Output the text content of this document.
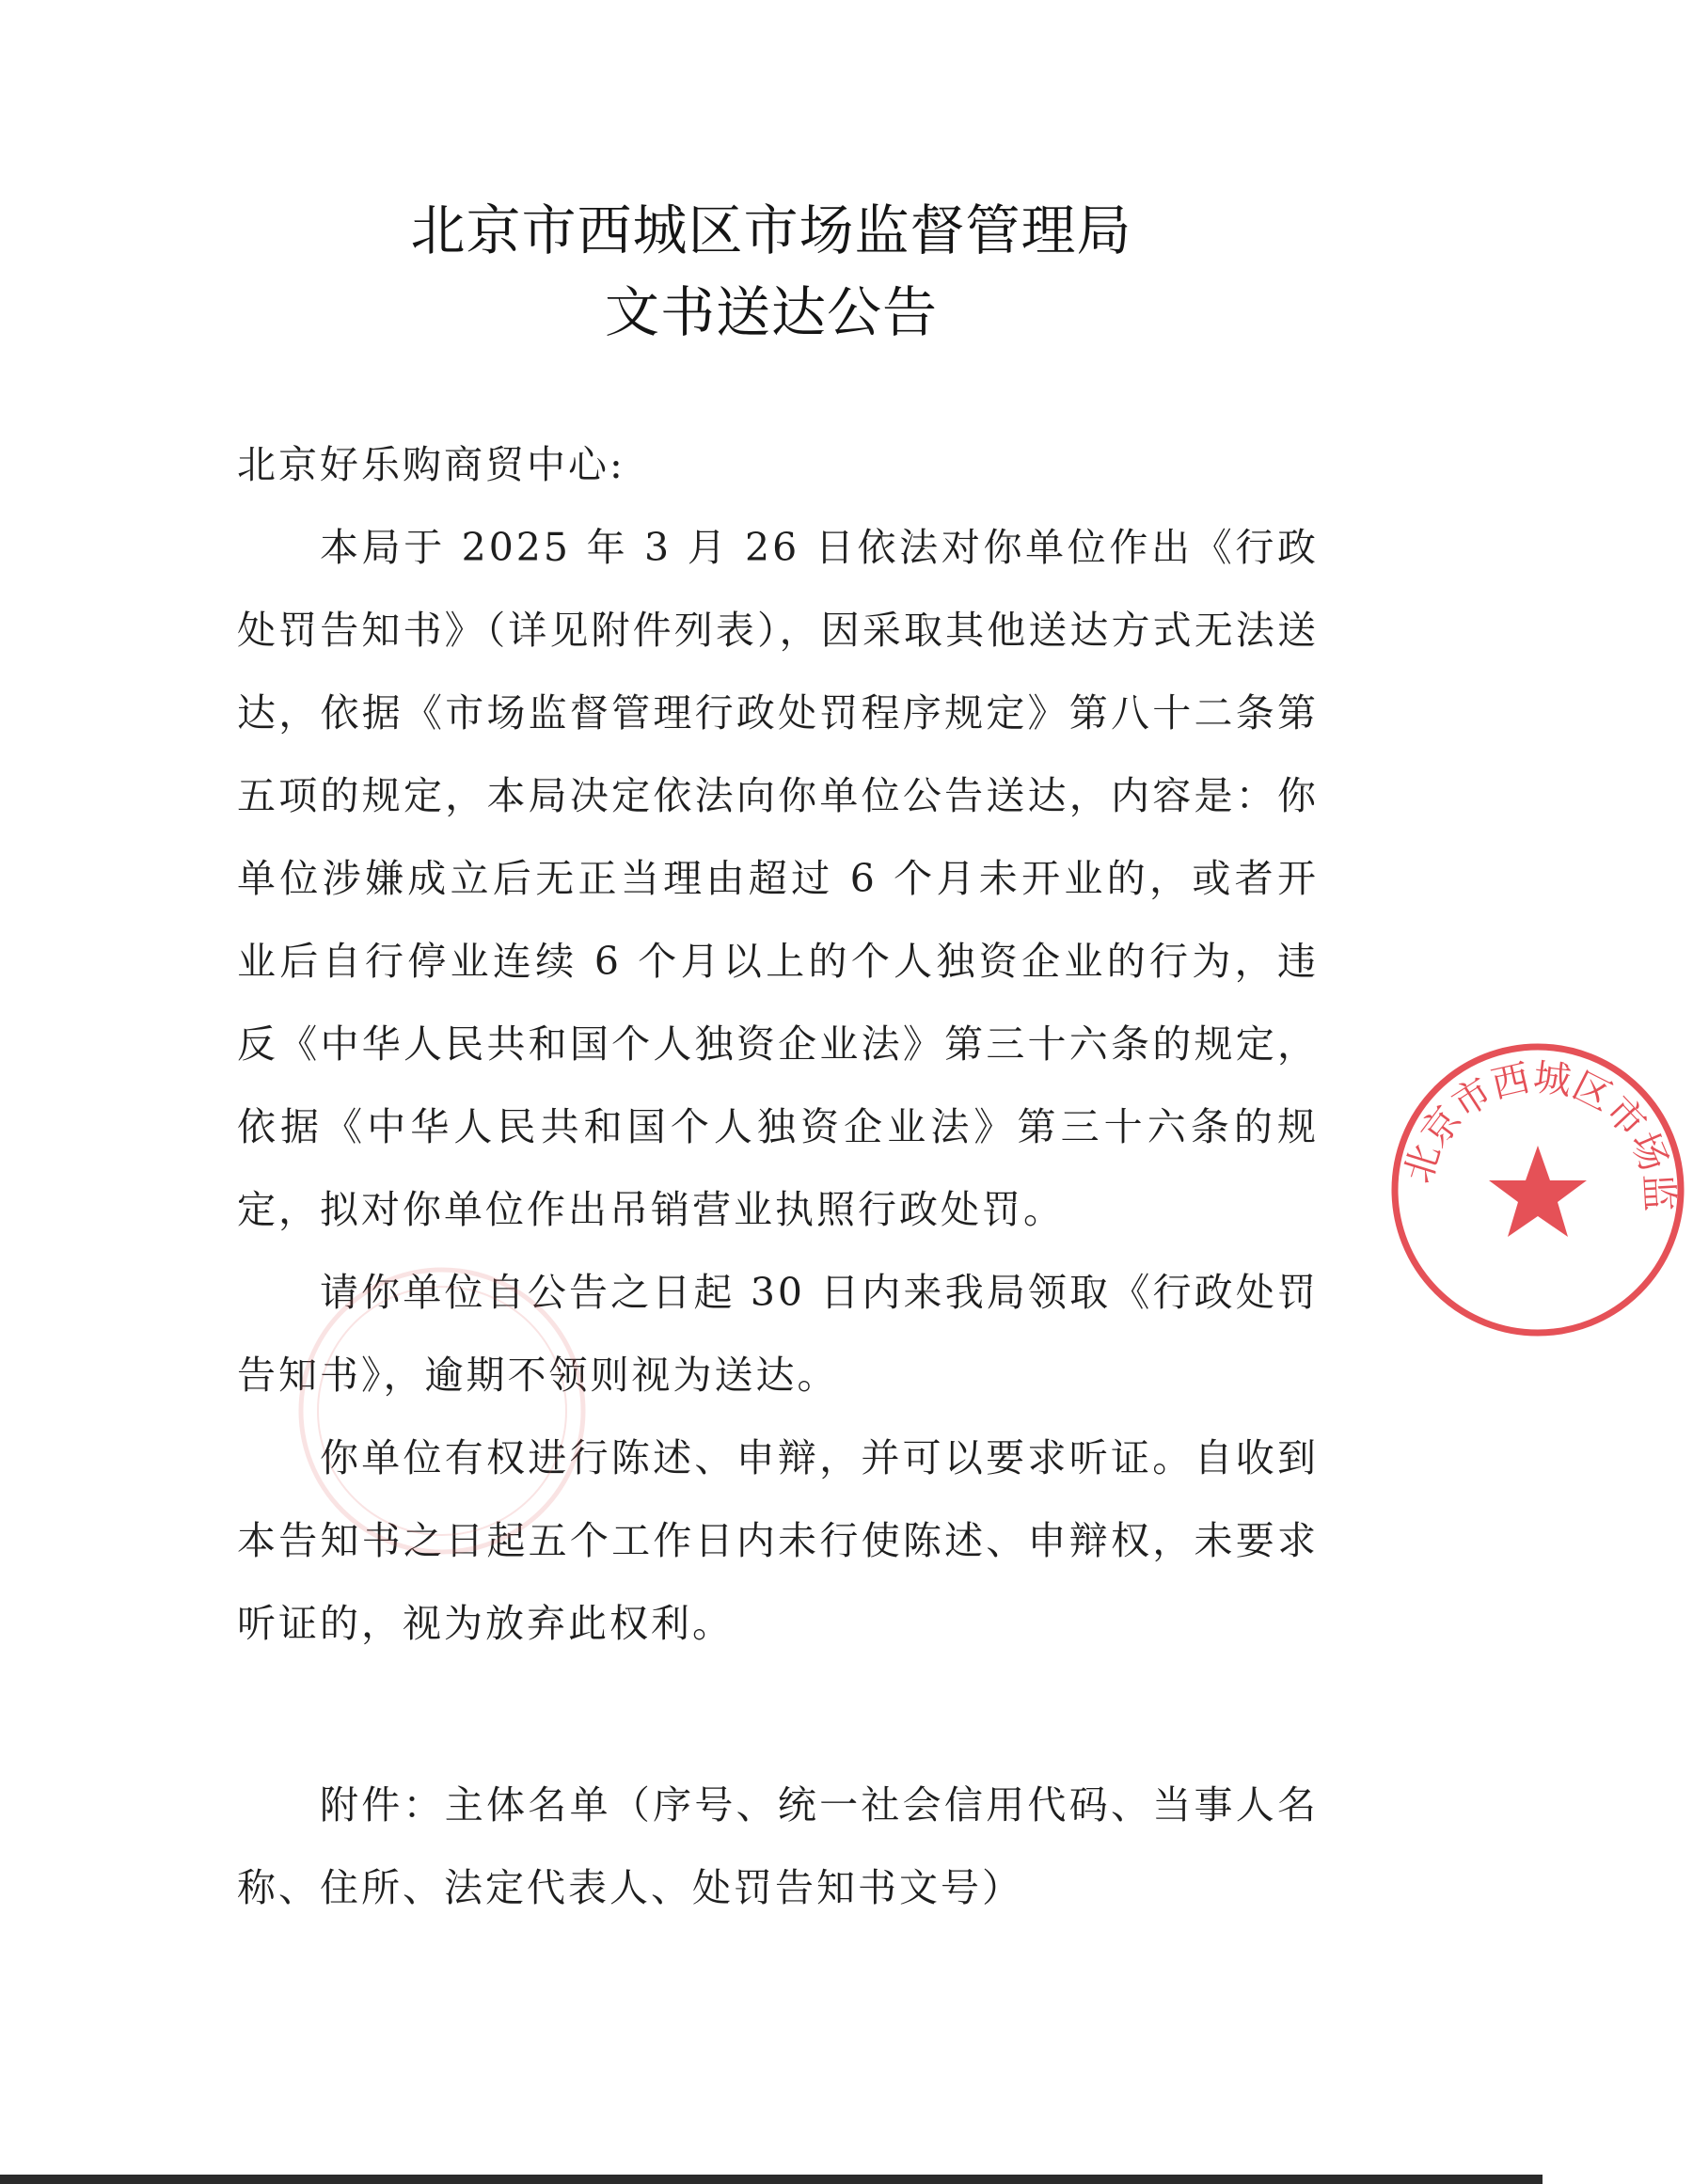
北京市西城区市场监督管理局
文书送达公告

北京好乐购商贸中心:

本局于 2025 年 3 月 26 日依法对你单位作出《行政处罚告知书》（详见附件列表），因采取其他送达方式无法送达，依据《市场监督管理行政处罚程序规定》第八十二条第五项的规定，本局决定依法向你单位公告送达，内容是：你单位涉嫌成立后无正当理由超过 6 个月未开业的，或者开业后自行停业连续 6 个月以上的个人独资企业的行为，违反《中华人民共和国个人独资企业法》第三十六条的规定，依据《中华人民共和国个人独资企业法》第三十六条的规定，拟对你单位作出吊销营业执照行政处罚。

请你单位自公告之日起 30 日内来我局领取《行政处罚告知书》，逾期不领则视为送达。

你单位有权进行陈述、申辩，并可以要求听证。自收到本告知书之日起五个工作日内未行使陈述、申辩权，未要求听证的，视为放弃此权利。

附件：主体名单（序号、统一社会信用代码、当事人名称、住所、法定代表人、处罚告知书文号）

北京市西城区市场监
